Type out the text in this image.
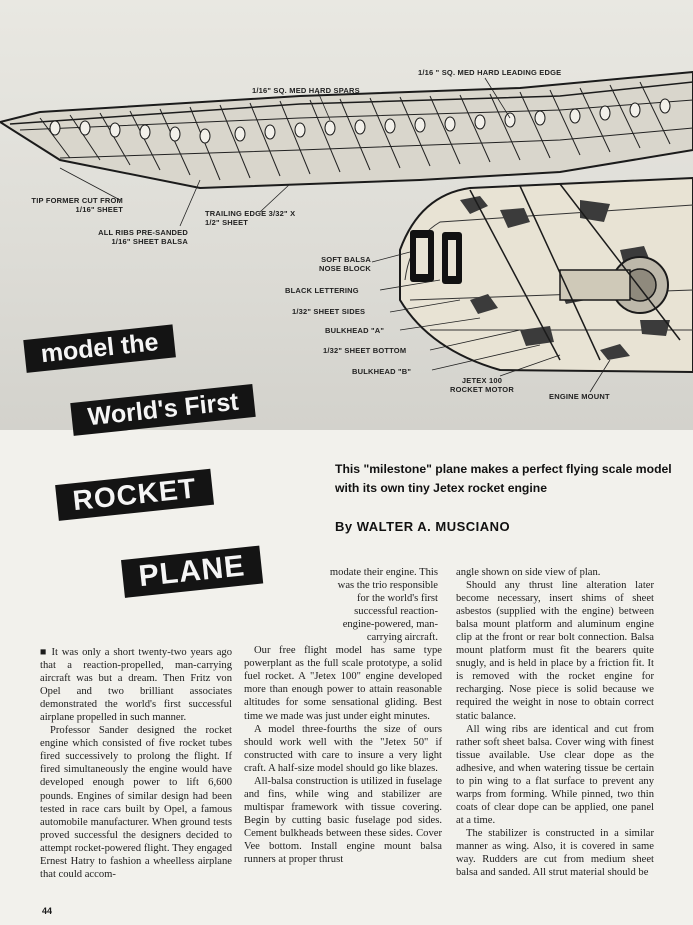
1/16" SQ. MED HARD SPARS
1/16 " SQ. MED HARD LEADING EDGE
TIP FORMER CUT FROM 1/16" SHEET
ALL RIBS PRE-SANDED 1/16" SHEET BALSA
TRAILING EDGE 3/32" X 1/2" SHEET
SOFT BALSA NOSE BLOCK
BLACK LETTERING
1/32" SHEET SIDES
BULKHEAD "A"
1/32" SHEET BOTTOM
BULKHEAD "B"
JETEX 100 ROCKET MOTOR
ENGINE MOUNT
model the
World's First
ROCKET
PLANE
This "milestone" plane makes a perfect flying scale model with its own tiny Jetex rocket engine
By WALTER A. MUSCIANO

■ It was only a short twenty-two years ago that a reaction-propelled, man-carrying aircraft was but a dream. Then Fritz von Opel and two brilliant associates demonstrated the world's first successful airplane propelled in such manner.

Professor Sander designed the rocket engine which consisted of five rocket tubes fired successively to prolong the flight. If fired simultaneously the engine would have developed enough power to lift 6,600 pounds. Engines of similar design had been tested in race cars built by Opel, a famous automobile manufacturer. When ground tests proved successful the designers decided to attempt rocket-powered flight. They engaged Ernest Hatry to fashion a wheelless airplane that could accom-

modate their engine. This was the trio responsible for the world's first successful reaction-engine-powered, man-carrying aircraft.

Our free flight model has same type powerplant as the full scale prototype, a solid fuel rocket. A "Jetex 100" engine developed more than enough power to attain reasonable altitudes for some sensational gliding. Best time we made was just under eight minutes.

A model three-fourths the size of ours should work well with the "Jetex 50" if constructed with care to insure a very light craft. A half-size model should go like blazes.

All-balsa construction is utilized in fuselage and fins, while wing and stabilizer are multispar framework with tissue covering. Begin by cutting basic fuselage pod sides. Cement bulkheads between these sides. Cover Vee bottom. Install engine mount balsa runners at proper thrust

angle shown on side view of plan.

Should any thrust line alteration later become necessary, insert shims of sheet asbestos (supplied with the engine) between balsa mount platform and aluminum engine clip at the front or rear bolt connection. Balsa mount platform must fit the bearers quite snugly, and is held in place by a friction fit. It is removed with the rocket engine for recharging. Nose piece is solid because we required the weight in nose to obtain correct static balance.

All wing ribs are identical and cut from rather soft sheet balsa. Cover wing with finest tissue available. Use clear dope as the adhesive, and when watering tissue be certain to pin wing to a flat surface to prevent any warps from forming. While pinned, two thin coats of clear dope can be applied, one panel at a time.

The stabilizer is constructed in a similar manner as wing. Also, it is covered in same way. Rudders are cut from medium sheet balsa and sanded. All strut material should be

44
